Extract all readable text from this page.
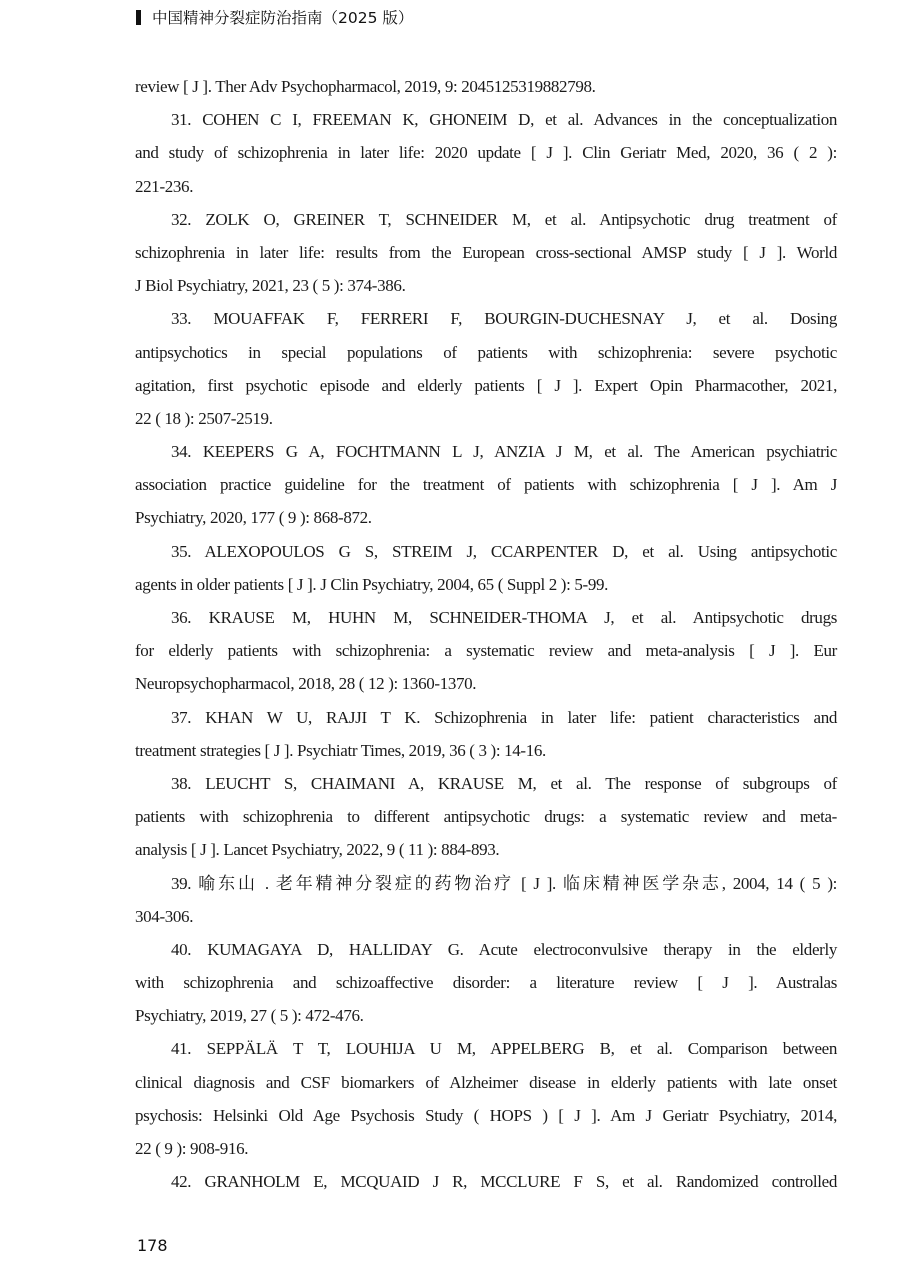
中国精神分裂症防治指南（2025 版）
review [ J ]. Ther Adv Psychopharmacol, 2019, 9: 2045125319882798.
31. COHEN C I, FREEMAN K, GHONEIM D, et al. Advances in the conceptualization
and study of schizophrenia in later life: 2020 update [ J ]. Clin Geriatr Med, 2020, 36 ( 2 ):
221-236.
32. ZOLK O, GREINER T, SCHNEIDER M, et al. Antipsychotic drug treatment of
schizophrenia in later life: results from the European cross-sectional AMSP study [ J ]. World
J Biol Psychiatry, 2021, 23 ( 5 ): 374-386.
33. MOUAFFAK F, FERRERI F, BOURGIN-DUCHESNAY J, et al. Dosing
antipsychotics in special populations of patients with schizophrenia: severe psychotic
agitation, first psychotic episode and elderly patients [ J ]. Expert Opin Pharmacother, 2021,
22 ( 18 ): 2507-2519.
34. KEEPERS G A, FOCHTMANN L J, ANZIA J M, et al. The American psychiatric
association practice guideline for the treatment of patients with schizophrenia [ J ]. Am J
Psychiatry, 2020, 177 ( 9 ): 868-872.
35. ALEXOPOULOS G S, STREIM J, CCARPENTER D, et al. Using antipsychotic
agents in older patients [ J ]. J Clin Psychiatry, 2004, 65 ( Suppl 2 ): 5-99.
36. KRAUSE M, HUHN M, SCHNEIDER-THOMA J, et al. Antipsychotic drugs
for elderly patients with schizophrenia: a systematic review and meta-analysis [ J ]. Eur
Neuropsychopharmacol, 2018, 28 ( 12 ): 1360-1370.
37. KHAN W U, RAJJI T K. Schizophrenia in later life: patient characteristics and
treatment strategies [ J ]. Psychiatr Times, 2019, 36 ( 3 ): 14-16.
38. LEUCHT S, CHAIMANI A, KRAUSE M, et al. The response of subgroups of
patients with schizophrenia to different antipsychotic drugs: a systematic review and meta-
analysis [ J ]. Lancet Psychiatry, 2022, 9 ( 11 ): 884-893.
39. 喻东山 . 老年精神分裂症的药物治疗 [ J ]. 临床精神医学杂志, 2004, 14 ( 5 ):
304-306.
40. KUMAGAYA D, HALLIDAY G. Acute electroconvulsive therapy in the elderly
with schizophrenia and schizoaffective disorder: a literature review [ J ]. Australas
Psychiatry, 2019, 27 ( 5 ): 472-476.
41. SEPPÄLÄ T T, LOUHIJA U M, APPELBERG B, et al. Comparison between
clinical diagnosis and CSF biomarkers of Alzheimer disease in elderly patients with late onset
psychosis: Helsinki Old Age Psychosis Study ( HOPS ) [ J ]. Am J Geriatr Psychiatry, 2014,
22 ( 9 ): 908-916.
42. GRANHOLM E, MCQUAID J R, MCCLURE F S, et al. Randomized controlled
178
